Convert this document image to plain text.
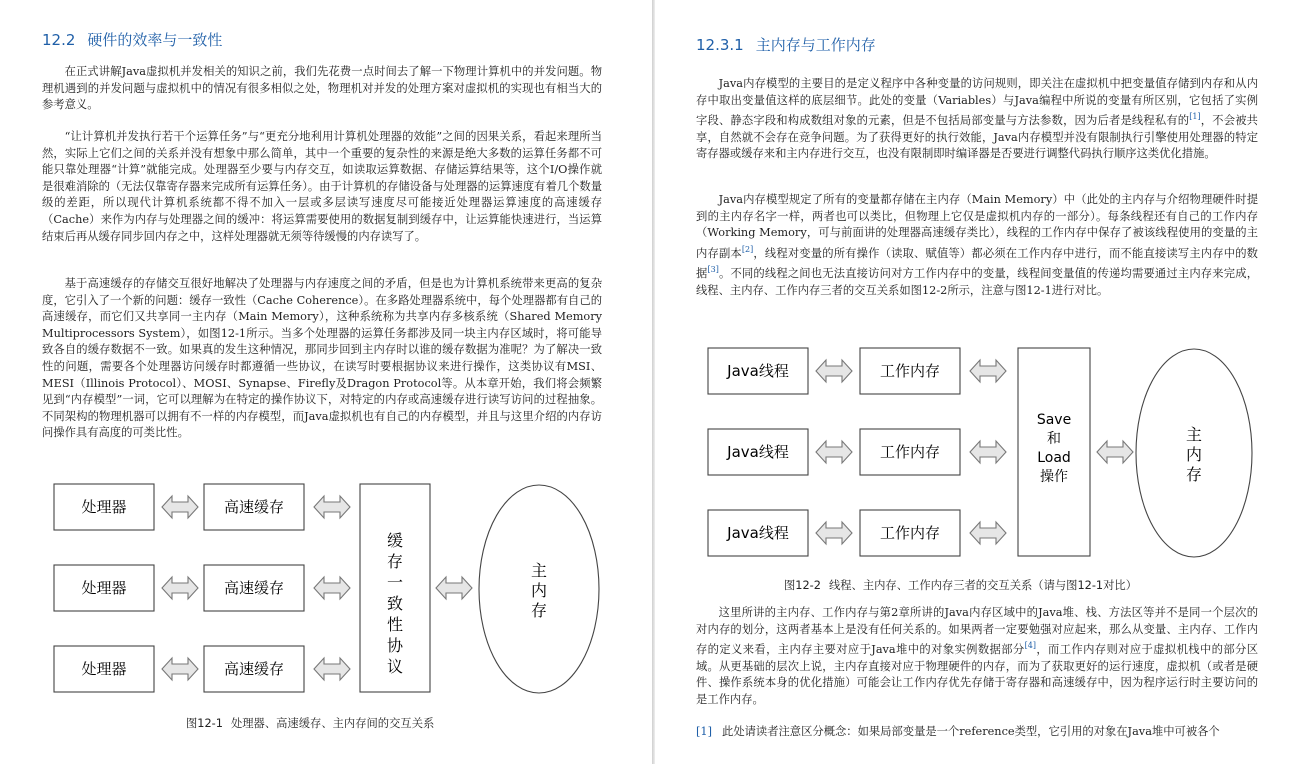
12.2 硬件的效率与一致性

在正式讲解Java虚拟机并发相关的知识之前，我们先花费一点时间去了解一下物理计算机中的并发问题。物理机遇到的并发问题与虚拟机中的情况有很多相似之处，物理机对并发的处理方案对虚拟机的实现也有相当大的参考意义。

“让计算机并发执行若干个运算任务”与“更充分地利用计算机处理器的效能”之间的因果关系，看起来理所当然，实际上它们之间的关系并没有想象中那么简单，其中一个重要的复杂性的来源是绝大多数的运算任务都不可能只靠处理器“计算”就能完成。处理器至少要与内存交互，如读取运算数据、存储运算结果等，这个I/O操作就是很难消除的（无法仅靠寄存器来完成所有运算任务）。由于计算机的存储设备与处理器的运算速度有着几个数量级的差距，所以现代计算机系统都不得不加入一层或多层读写速度尽可能接近处理器运算速度的高速缓存（Cache）来作为内存与处理器之间的缓冲：将运算需要使用的数据复制到缓存中，让运算能快速进行，当运算结束后再从缓存同步回内存之中，这样处理器就无须等待缓慢的内存读写了。

基于高速缓存的存储交互很好地解决了处理器与内存速度之间的矛盾，但是也为计算机系统带来更高的复杂度，它引入了一个新的问题：缓存一致性（Cache Coherence）。在多路处理器系统中，每个处理器都有自己的高速缓存，而它们又共享同一主内存（Main Memory），这种系统称为共享内存多核系统（Shared Memory Multiprocessors System），如图12-1所示。当多个处理器的运算任务都涉及同一块主内存区域时，将可能导致各自的缓存数据不一致。如果真的发生这种情况，那同步回到主内存时以谁的缓存数据为准呢？为了解决一致性的问题，需要各个处理器访问缓存时都遵循一些协议，在读写时要根据协议来进行操作，这类协议有MSI、MESI（Illinois Protocol）、MOSI、Synapse、Firefly及Dragon Protocol等。从本章开始，我们将会频繁见到“内存模型”一词，它可以理解为在特定的操作协议下，对特定的内存或高速缓存进行读写访问的过程抽象。不同架构的物理机器可以拥有不一样的内存模型，而Java虚拟机也有自己的内存模型，并且与这里介绍的内存访问操作具有高度的可类比性。

处理器	高速缓存
处理器	高速缓存
处理器	高速缓存
缓存一致性协议
主内存
图12-1 处理器、高速缓存、主内存间的交互关系
12.3.1 主内存与工作内存

Java内存模型的主要目的是定义程序中各种变量的访问规则，即关注在虚拟机中把变量值存储到内存和从内存中取出变量值这样的底层细节。此处的变量（Variables）与Java编程中所说的变量有所区别，它包括了实例字段、静态字段和构成数组对象的元素，但是不包括局部变量与方法参数，因为后者是线程私有的[1]，不会被共享，自然就不会存在竞争问题。为了获得更好的执行效能，Java内存模型并没有限制执行引擎使用处理器的特定寄存器或缓存来和主内存进行交互，也没有限制即时编译器是否要进行调整代码执行顺序这类优化措施。

Java内存模型规定了所有的变量都存储在主内存（Main Memory）中（此处的主内存与介绍物理硬件时提到的主内存名字一样，两者也可以类比，但物理上它仅是虚拟机内存的一部分）。每条线程还有自己的工作内存（Working Memory，可与前面讲的处理器高速缓存类比），线程的工作内存中保存了被该线程使用的变量的主内存副本[2]，线程对变量的所有操作（读取、赋值等）都必须在工作内存中进行，而不能直接读写主内存中的数据[3]。不同的线程之间也无法直接访问对方工作内存中的变量，线程间变量值的传递均需要通过主内存来完成，线程、主内存、工作内存三者的交互关系如图12-2所示，注意与图12-1进行对比。

Java线程	工作内存
Java线程	工作内存
Java线程	工作内存
Save 和 Load 操作
主内存
图12-2 线程、主内存、工作内存三者的交互关系（请与图12-1对比）

这里所讲的主内存、工作内存与第2章所讲的Java内存区域中的Java堆、栈、方法区等并不是同一个层次的对内存的划分，这两者基本上是没有任何关系的。如果两者一定要勉强对应起来，那么从变量、主内存、工作内存的定义来看，主内存主要对应于Java堆中的对象实例数据部分[4]，而工作内存则对应于虚拟机栈中的部分区域。从更基础的层次上说，主内存直接对应于物理硬件的内存，而为了获取更好的运行速度，虚拟机（或者是硬件、操作系统本身的优化措施）可能会让工作内存优先存储于寄存器和高速缓存中，因为程序运行时主要访问的是工作内存。

[1] 此处请读者注意区分概念：如果局部变量是一个reference类型，它引用的对象在Java堆中可被各个
